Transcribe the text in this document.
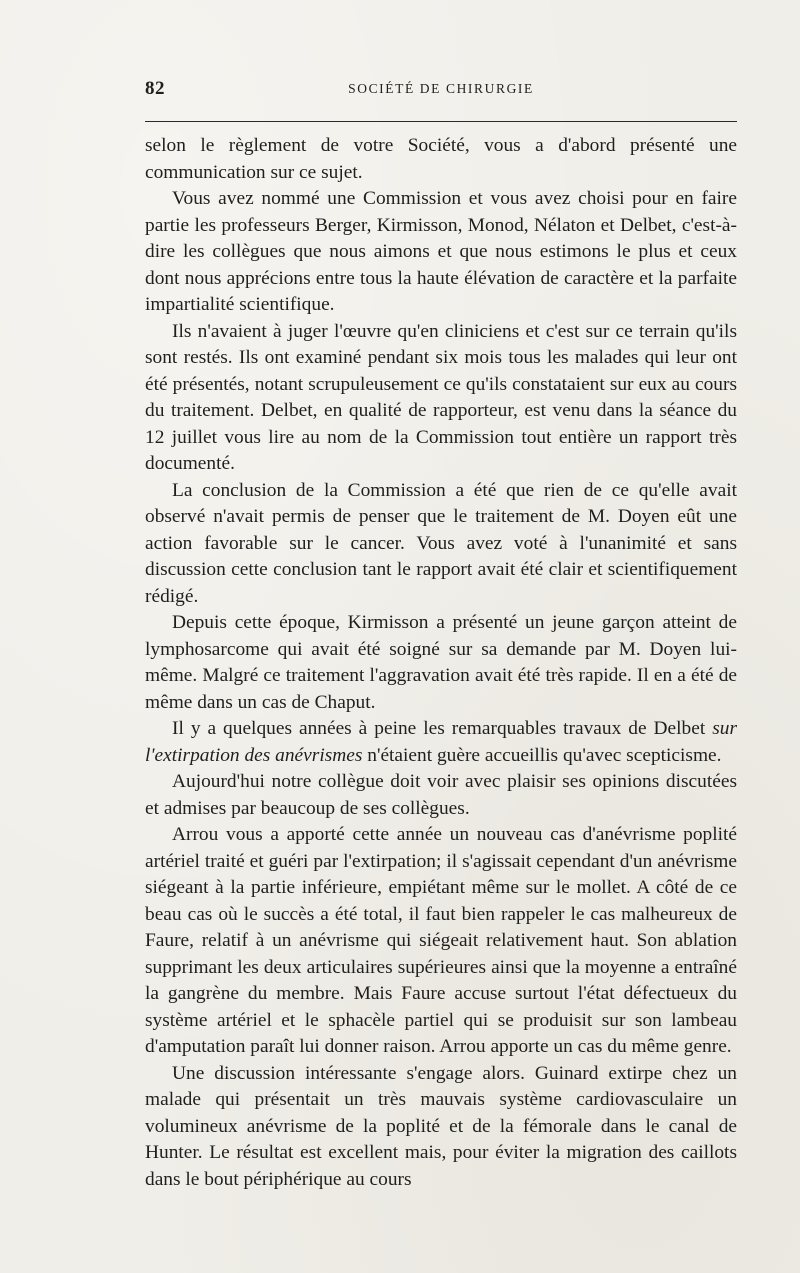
82	SOCIÉTÉ DE CHIRURGIE

selon le règlement de votre Société, vous a d'abord présenté une communication sur ce sujet.

Vous avez nommé une Commission et vous avez choisi pour en faire partie les professeurs Berger, Kirmisson, Monod, Nélaton et Delbet, c'est-à-dire les collègues que nous aimons et que nous estimons le plus et ceux dont nous apprécions entre tous la haute élévation de caractère et la parfaite impartialité scientifique.

Ils n'avaient à juger l'œuvre qu'en cliniciens et c'est sur ce terrain qu'ils sont restés. Ils ont examiné pendant six mois tous les malades qui leur ont été présentés, notant scrupuleusement ce qu'ils constataient sur eux au cours du traitement. Delbet, en qualité de rapporteur, est venu dans la séance du 12 juillet vous lire au nom de la Commission tout entière un rapport très documenté.

La conclusion de la Commission a été que rien de ce qu'elle avait observé n'avait permis de penser que le traitement de M. Doyen eût une action favorable sur le cancer. Vous avez voté à l'unanimité et sans discussion cette conclusion tant le rapport avait été clair et scientifiquement rédigé.

Depuis cette époque, Kirmisson a présenté un jeune garçon atteint de lymphosarcome qui avait été soigné sur sa demande par M. Doyen lui-même. Malgré ce traitement l'aggravation avait été très rapide. Il en a été de même dans un cas de Chaput.

Il y a quelques années à peine les remarquables travaux de Delbet sur l'extirpation des anévrismes n'étaient guère accueillis qu'avec scepticisme.

Aujourd'hui notre collègue doit voir avec plaisir ses opinions discutées et admises par beaucoup de ses collègues.

Arrou vous a apporté cette année un nouveau cas d'anévrisme poplité artériel traité et guéri par l'extirpation; il s'agissait cependant d'un anévrisme siégeant à la partie inférieure, empiétant même sur le mollet. A côté de ce beau cas où le succès a été total, il faut bien rappeler le cas malheureux de Faure, relatif à un anévrisme qui siégeait relativement haut. Son ablation supprimant les deux articulaires supérieures ainsi que la moyenne a entraîné la gangrène du membre. Mais Faure accuse surtout l'état défectueux du système artériel et le sphacèle partiel qui se produisit sur son lambeau d'amputation paraît lui donner raison. Arrou apporte un cas du même genre.

Une discussion intéressante s'engage alors. Guinard extirpe chez un malade qui présentait un très mauvais système cardiovasculaire un volumineux anévrisme de la poplité et de la fémorale dans le canal de Hunter. Le résultat est excellent mais, pour éviter la migration des caillots dans le bout périphérique au cours
